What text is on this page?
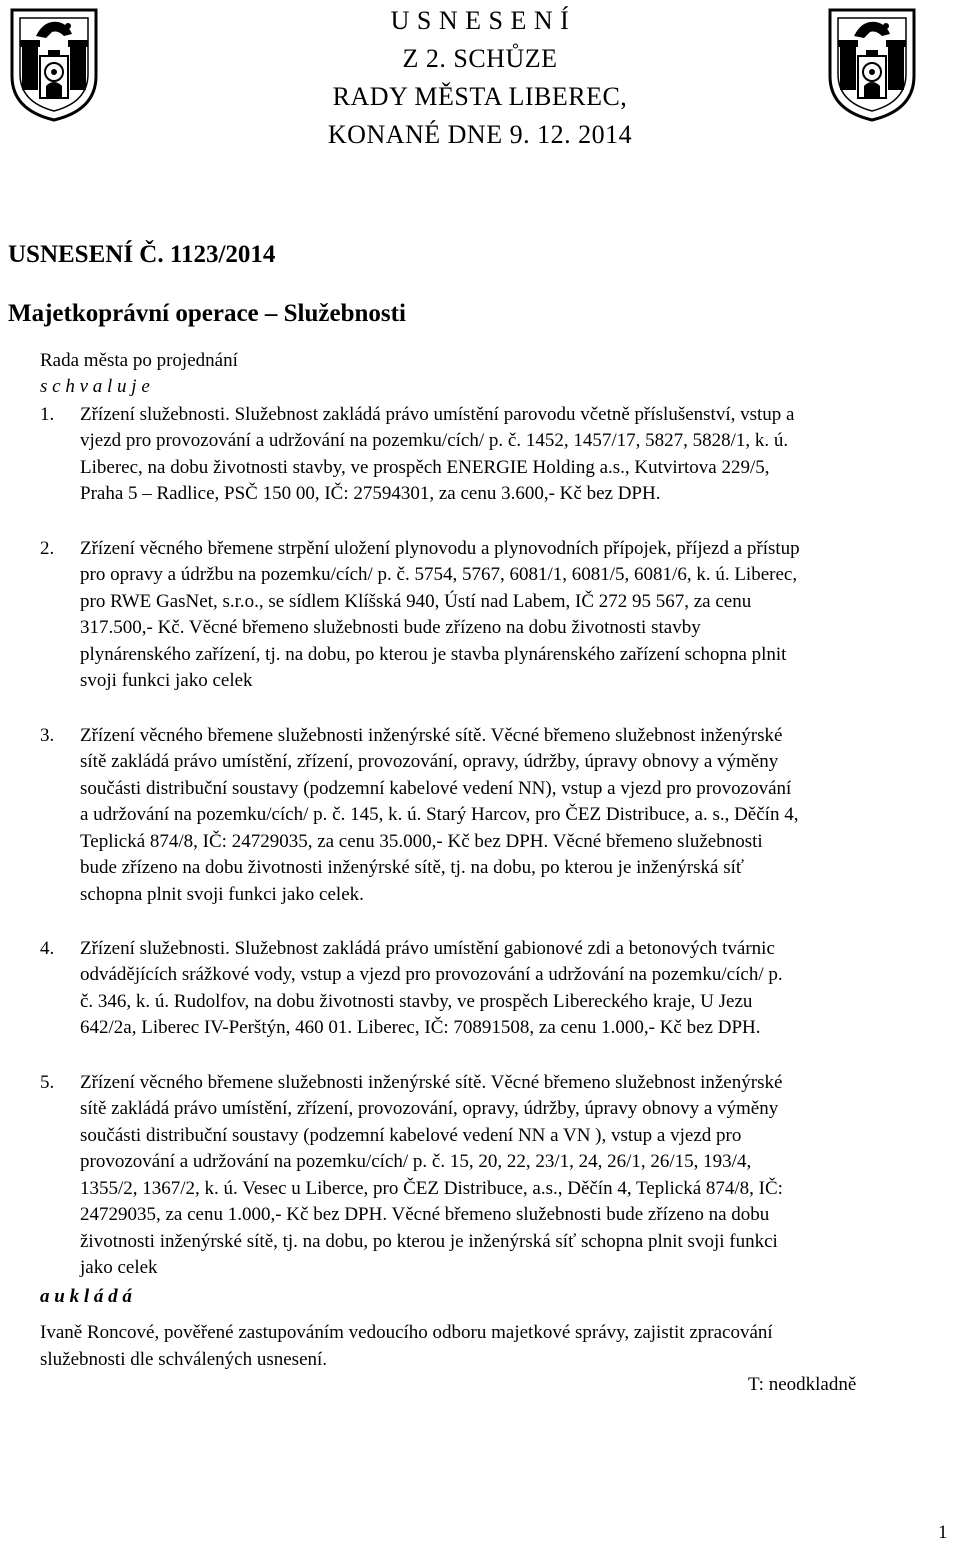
U S N E S E N Í
Z 2. SCHŮZE
RADY MĚSTA LIBEREC,
KONANÉ DNE 9. 12. 2014
USNESENÍ Č. 1123/2014
Majetkoprávní operace – Služebnosti
Rada města po projednání
s c h v a l u j e
1. Zřízení služebnosti. Služebnost zakládá právo umístění parovodu včetně příslušenství, vstup a
vjezd pro provozování a udržování na pozemku/cích/ p. č. 1452, 1457/17, 5827, 5828/1, k. ú.
Liberec, na dobu životnosti stavby, ve prospěch ENERGIE Holding a.s., Kutvirtova 229/5,
Praha 5 – Radlice, PSČ 150 00, IČ: 27594301, za cenu 3.600,- Kč bez DPH.
2. Zřízení věcného břemene strpění uložení plynovodu a plynovodních přípojek, příjezd a přístup
pro opravy a údržbu na pozemku/cích/ p. č. 5754, 5767, 6081/1, 6081/5, 6081/6, k. ú. Liberec,
pro RWE GasNet, s.r.o., se sídlem Klíšská 940, Ústí nad Labem, IČ 272 95 567, za cenu
317.500,- Kč. Věcné břemeno služebnosti bude zřízeno na dobu životnosti stavby
plynárenského zařízení, tj. na dobu, po kterou je stavba plynárenského zařízení schopna plnit
svoji funkci jako celek
3. Zřízení věcného břemene služebnosti inženýrské sítě. Věcné břemeno služebnost inženýrské
sítě zakládá právo umístění, zřízení, provozování, opravy, údržby, úpravy obnovy a výměny
součásti distribuční soustavy (podzemní kabelové vedení NN), vstup a vjezd pro provozování
a udržování na pozemku/cích/ p. č. 145, k. ú. Starý Harcov, pro ČEZ Distribuce, a. s., Děčín 4,
Teplická 874/8, IČ: 24729035, za cenu 35.000,- Kč bez DPH. Věcné břemeno služebnosti
bude zřízeno na dobu životnosti inženýrské sítě, tj. na dobu, po kterou je inženýrská síť
schopna plnit svoji funkci jako celek.
4. Zřízení služebnosti. Služebnost zakládá právo umístění gabionové zdi a betonových tvárnic
odvádějících srážkové vody, vstup a vjezd pro provozování a udržování na pozemku/cích/ p.
č. 346, k. ú. Rudolfov, na dobu životnosti stavby, ve prospěch Libereckého kraje, U Jezu
642/2a, Liberec IV-Perštýn, 460 01. Liberec, IČ: 70891508, za cenu 1.000,- Kč bez DPH.
5. Zřízení věcného břemene služebnosti inženýrské sítě. Věcné břemeno služebnost inženýrské
sítě zakládá právo umístění, zřízení, provozování, opravy, údržby, úpravy obnovy a výměny
součásti distribuční soustavy (podzemní kabelové vedení NN a VN ), vstup a vjezd pro
provozování a udržování na pozemku/cích/ p. č. 15, 20, 22, 23/1, 24, 26/1, 26/15, 193/4,
1355/2, 1367/2, k. ú. Vesec u Liberce, pro ČEZ Distribuce, a.s., Děčín 4, Teplická 874/8, IČ:
24729035, za cenu 1.000,- Kč bez DPH. Věcné břemeno služebnosti bude zřízeno na dobu
životnosti inženýrské sítě, tj. na dobu, po kterou je inženýrská síť schopna plnit svoji funkci
jako celek
a u k l á d á
Ivaně Roncové, pověřené zastupováním vedoucího odboru majetkové správy, zajistit zpracování
služebnosti dle schválených usnesení.
T: neodkladně
1
